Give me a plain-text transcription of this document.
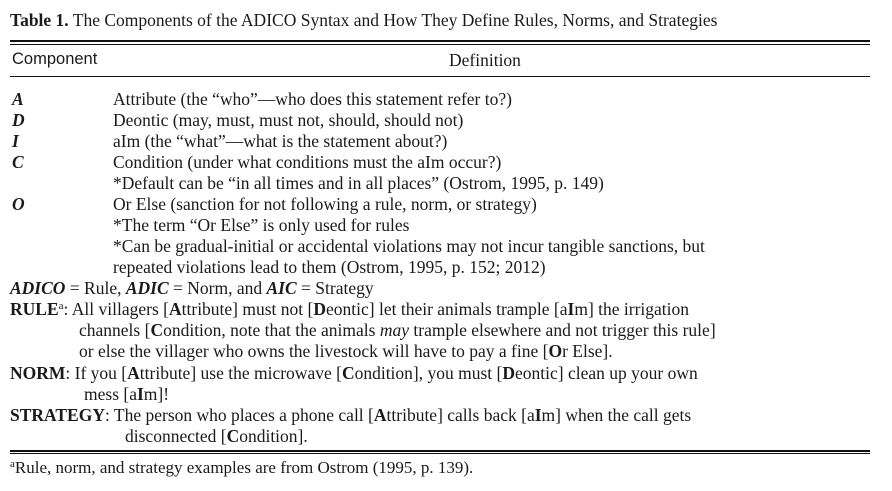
Table 1. The Components of the ADICO Syntax and How They Define Rules, Norms, and Strategies
Component	Definition
A	Attribute (the “who”—who does this statement refer to?)
D	Deontic (may, must, must not, should, should not)
I	aIm (the “what”—what is the statement about?)
C	Condition (under what conditions must the aIm occur?)
*Default can be “in all times and in all places” (Ostrom, 1995, p. 149)
O	Or Else (sanction for not following a rule, norm, or strategy)
*The term “Or Else” is only used for rules
*Can be gradual-initial or accidental violations may not incur tangible sanctions, but
repeated violations lead to them (Ostrom, 1995, p. 152; 2012)
ADICO = Rule, ADIC = Norm, and AIC = Strategy
RULE$^a$: All villagers [Attribute] must not [Deontic] let their animals trample [aIm] the irrigation
channels [Condition, note that the animals may trample elsewhere and not trigger this rule]
or else the villager who owns the livestock will have to pay a fine [Or Else].
NORM: If you [Attribute] use the microwave [Condition], you must [Deontic] clean up your own
mess [aIm]!
STRATEGY: The person who places a phone call [Attribute] calls back [aIm] when the call gets
disconnected [Condition].
$^a$Rule, norm, and strategy examples are from Ostrom (1995, p. 139).
